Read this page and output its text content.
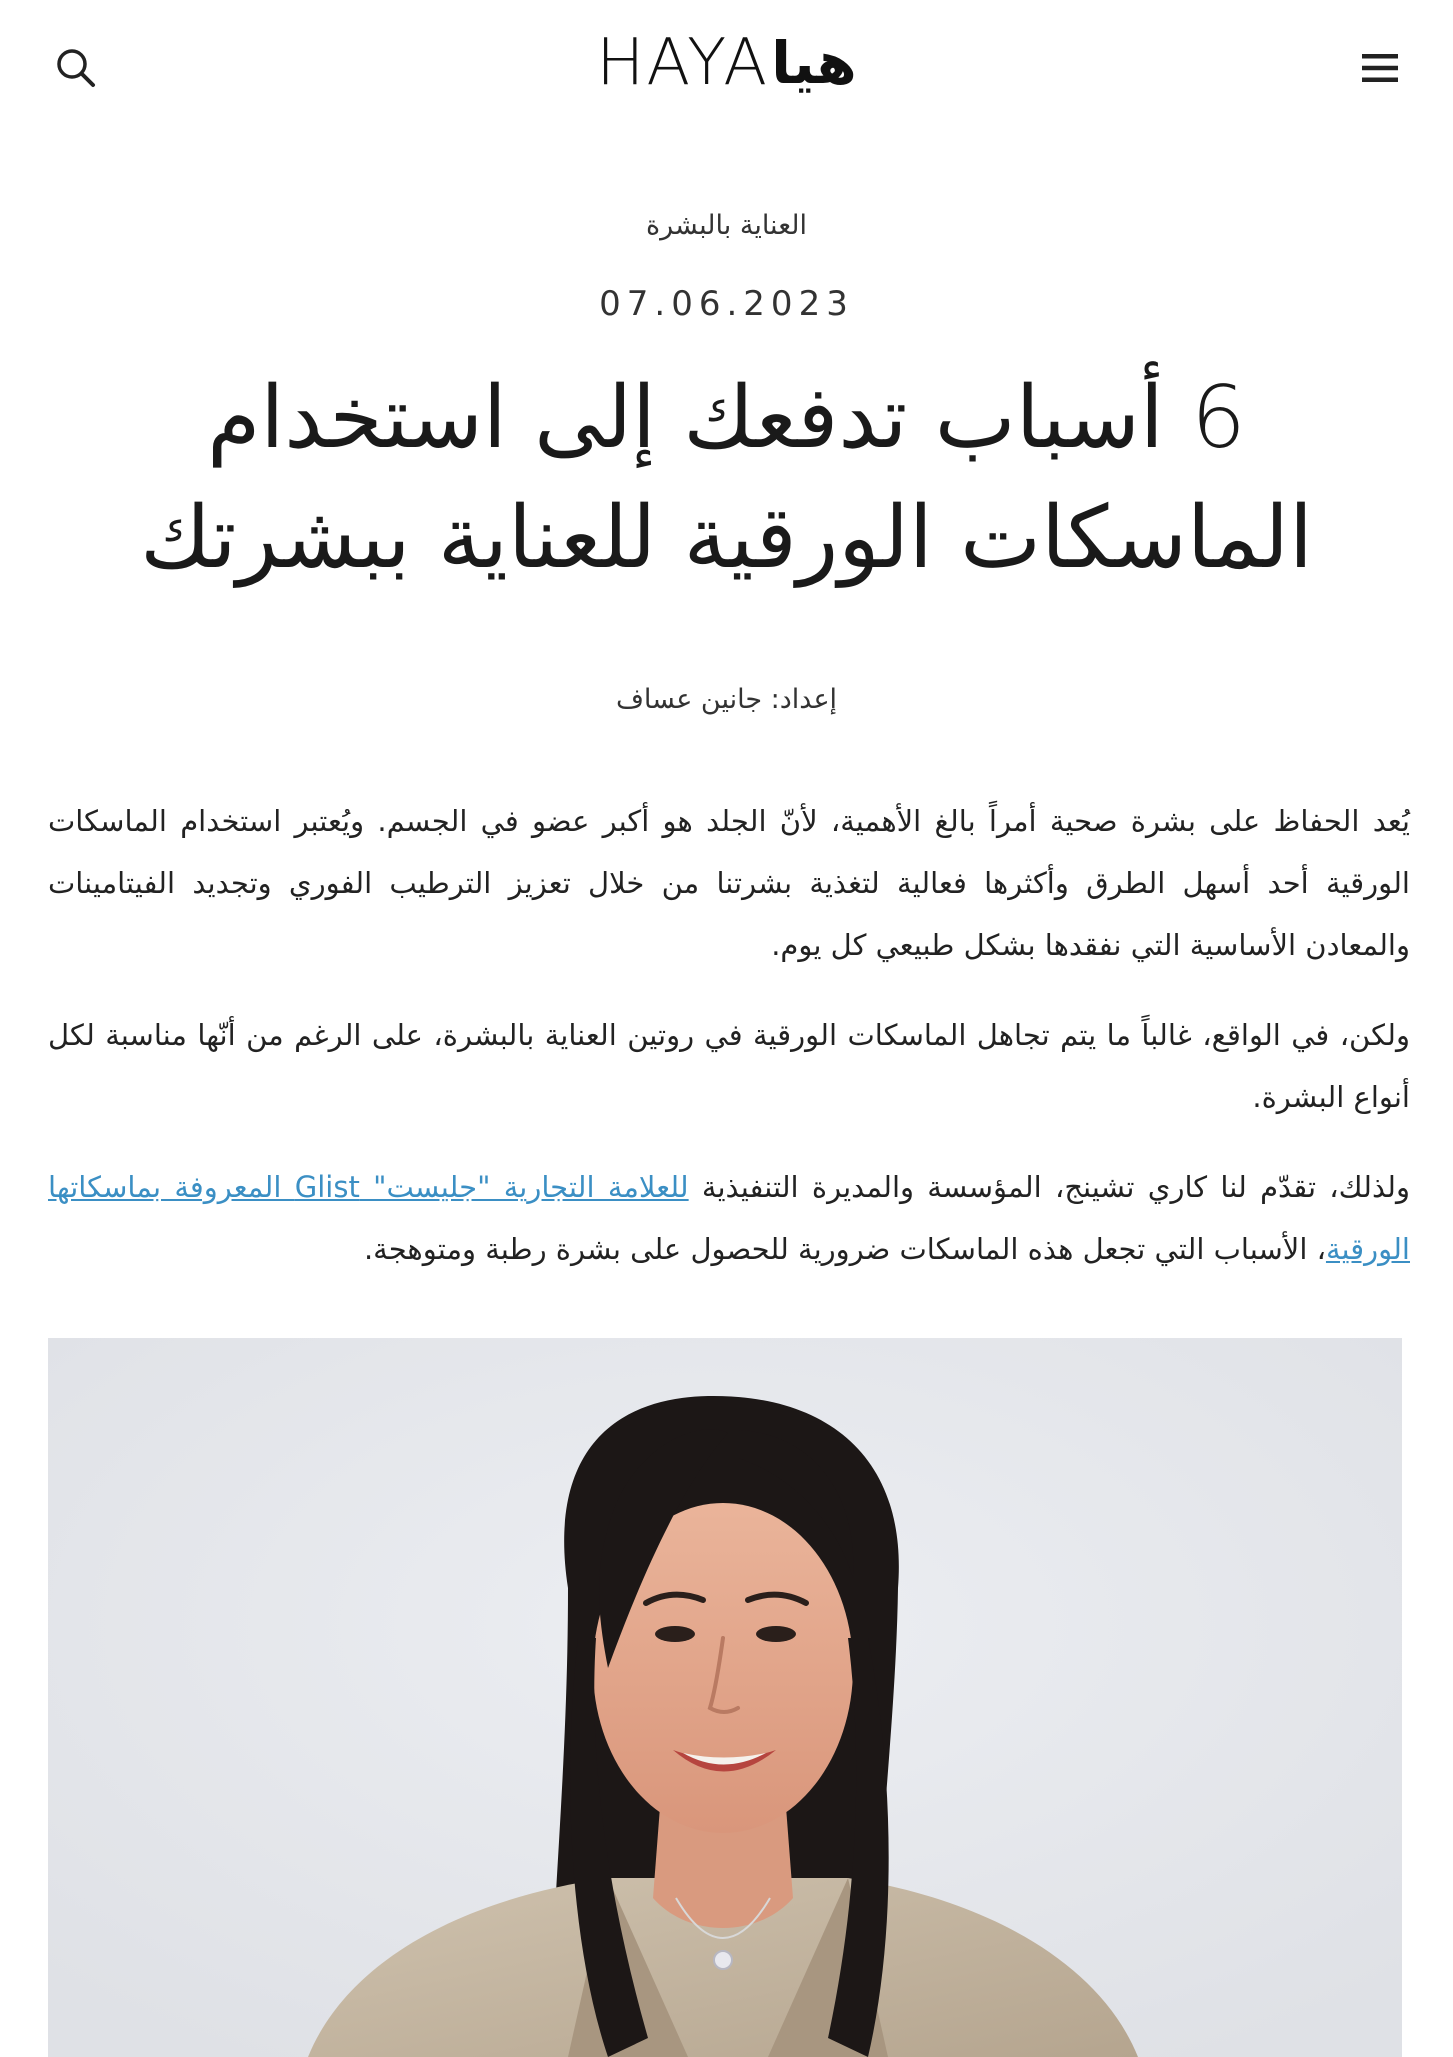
HAYA هيا
العناية بالبشرة
07.06.2023
6 أسباب تدفعك إلى استخدام
الماسكات الورقية للعناية ببشرتك
إعداد: جانين عساف

يُعد الحفاظ على بشرة صحية أمراً بالغ الأهمية، لأنّ الجلد هو أكبر عضو في الجسم. ويُعتبر استخدام الماسكات الورقية أحد أسهل الطرق وأكثرها فعالية لتغذية بشرتنا من خلال تعزيز الترطيب الفوري وتجديد الفيتامينات والمعادن الأساسية التي نفقدها بشكل طبيعي كل يوم.

ولكن، في الواقع، غالباً ما يتم تجاهل الماسكات الورقية في روتين العناية بالبشرة، على الرغم من أنّها مناسبة لكل أنواع البشرة.

ولذلك، تقدّم لنا كاري تشينج، المؤسسة والمديرة التنفيذية للعلامة التجارية "جليست" Glist المعروفة بماسكاتها الورقية، الأسباب التي تجعل هذه الماسكات ضرورية للحصول على بشرة رطبة ومتوهجة.
